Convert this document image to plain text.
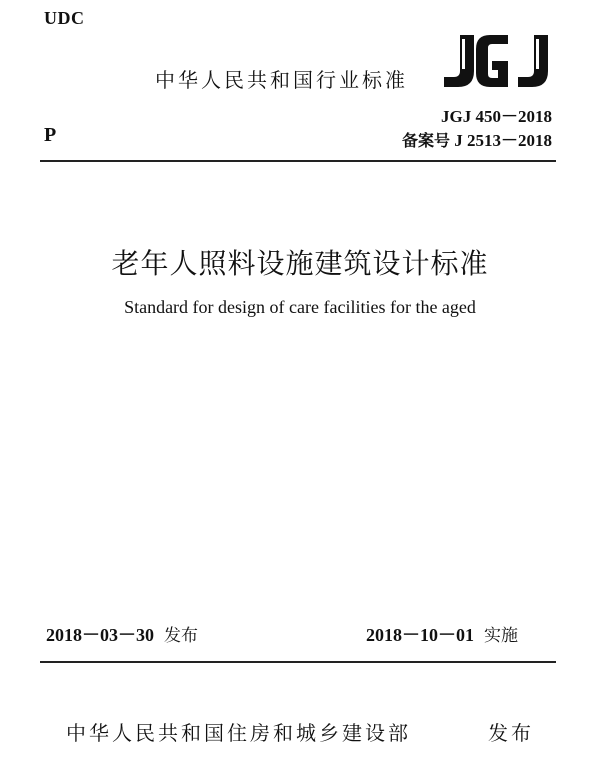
UDC
中华人民共和国行业标准
JGJ 450－2018
备案号 J 2513－2018
P
老年人照料设施建筑设计标准
Standard for design of care facilities for the aged
2018－03－30 发布	2018－10－01 实施
中华人民共和国住房和城乡建设部	发布
